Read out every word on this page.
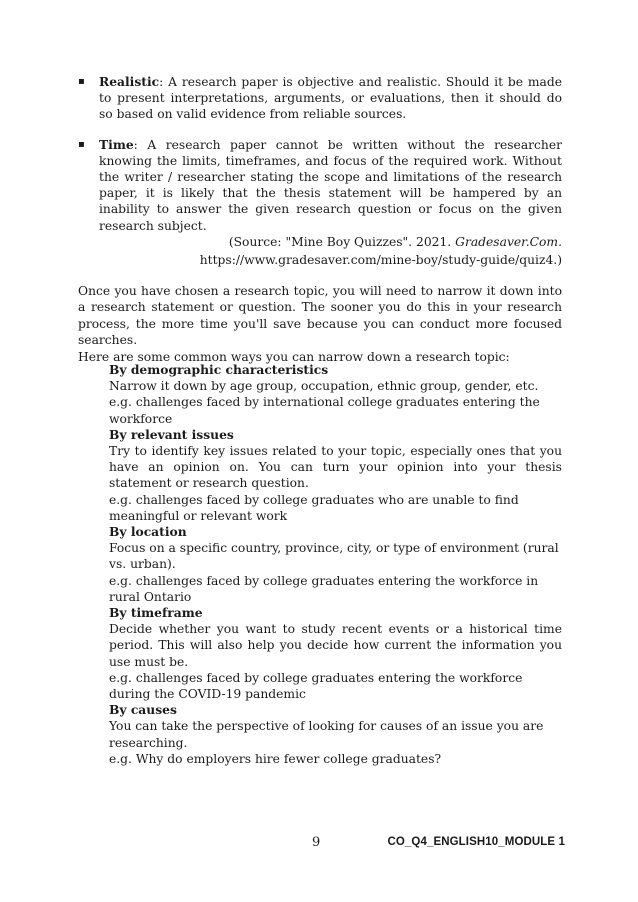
▪ Realistic: A research paper is objective and realistic. Should it be made to present interpretations, arguments, or evaluations, then it should do so based on valid evidence from reliable sources.

▪ Time: A research paper cannot be written without the researcher knowing the limits, timeframes, and focus of the required work. Without the writer / researcher stating the scope and limitations of the research paper, it is likely that the thesis statement will be hampered by an inability to answer the given research question or focus on the given research subject.

(Source: "Mine Boy Quizzes". 2021. Gradesaver.Com.
https://www.gradesaver.com/mine-boy/study-guide/quiz4.)
Once you have chosen a research topic, you will need to narrow it down into a research statement or question. The sooner you do this in your research process, the more time you'll save because you can conduct more focused searches.
Here are some common ways you can narrow down a research topic:

By demographic characteristics

Narrow it down by age group, occupation, ethnic group, gender, etc.

e.g. challenges faced by international college graduates entering the workforce

By relevant issues

Try to identify key issues related to your topic, especially ones that you have an opinion on. You can turn your opinion into your thesis statement or research question.

e.g. challenges faced by college graduates who are unable to find meaningful or relevant work

By location

Focus on a specific country, province, city, or type of environment (rural vs. urban).

e.g. challenges faced by college graduates entering the workforce in rural Ontario

By timeframe

Decide whether you want to study recent events or a historical time period. This will also help you decide how current the information you use must be.

e.g. challenges faced by college graduates entering the workforce during the COVID-19 pandemic

By causes

You can take the perspective of looking for causes of an issue you are researching.

e.g. Why do employers hire fewer college graduates?

9	CO_Q4_ENGLISH10_MODULE 1
